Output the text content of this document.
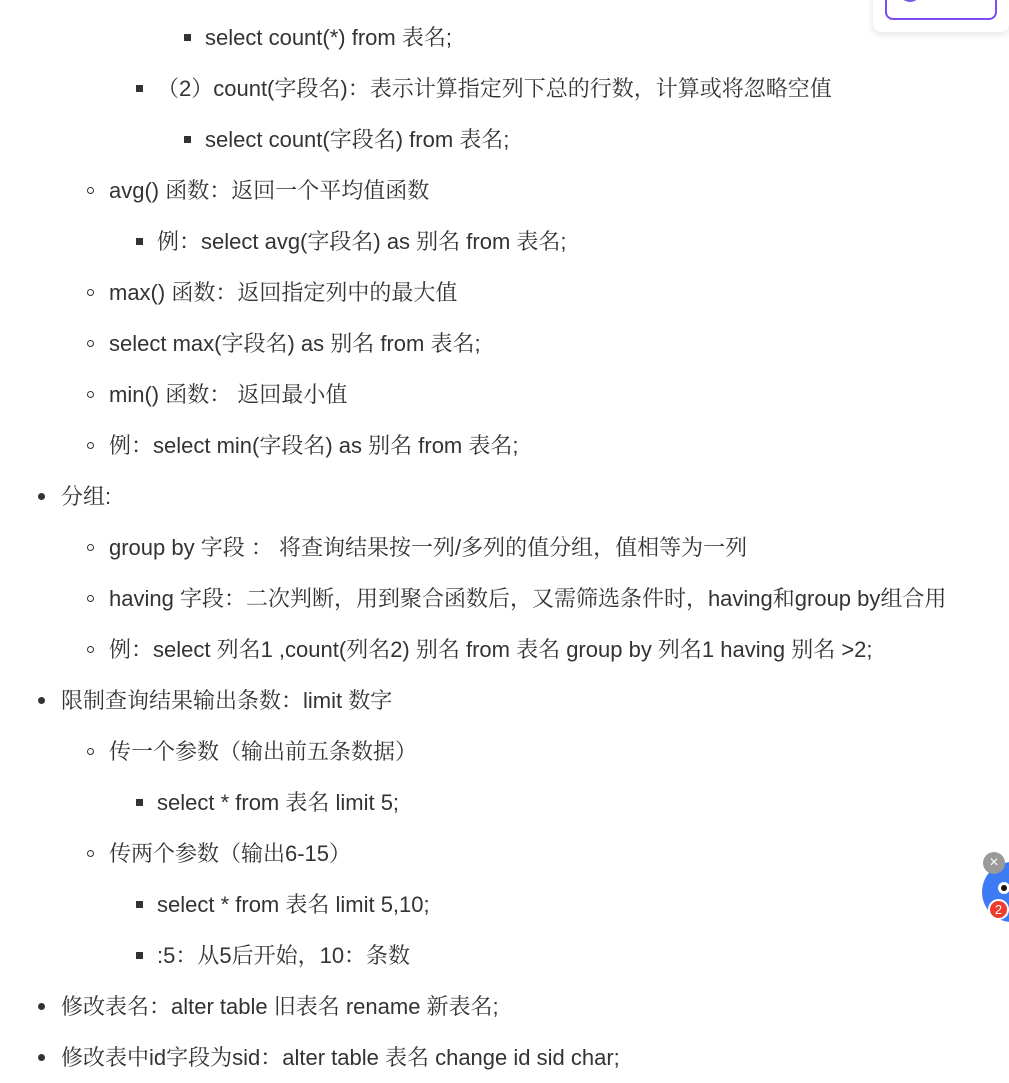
select count(*) from 表名;
（2）count(字段名)：表示计算指定列下总的行数，计算或将忽略空值
select count(字段名) from 表名;
avg() 函数：返回一个平均值函数
例：select avg(字段名) as 别名 from 表名;
max() 函数：返回指定列中的最大值
select max(字段名) as 别名 from 表名;
min() 函数： 返回最小值
例：select min(字段名) as 别名 from 表名;
分组:
group by 字段 ： 将查询结果按一列/多列的值分组，值相等为一列
having 字段：二次判断，用到聚合函数后，又需筛选条件时，having和group by组合用
例：select 列名1 ,count(列名2) 别名 from 表名 group by 列名1 having 别名 >2;
限制查询结果输出条数：limit 数字
传一个参数（输出前五条数据）
select * from 表名 limit 5;
传两个参数（输出6-15）
select * from 表名 limit 5,10;
:5：从5后开始，10：条数
修改表名：alter table 旧表名 rename 新表名;
修改表中id字段为sid：alter table 表名 change id sid char;
×
2
